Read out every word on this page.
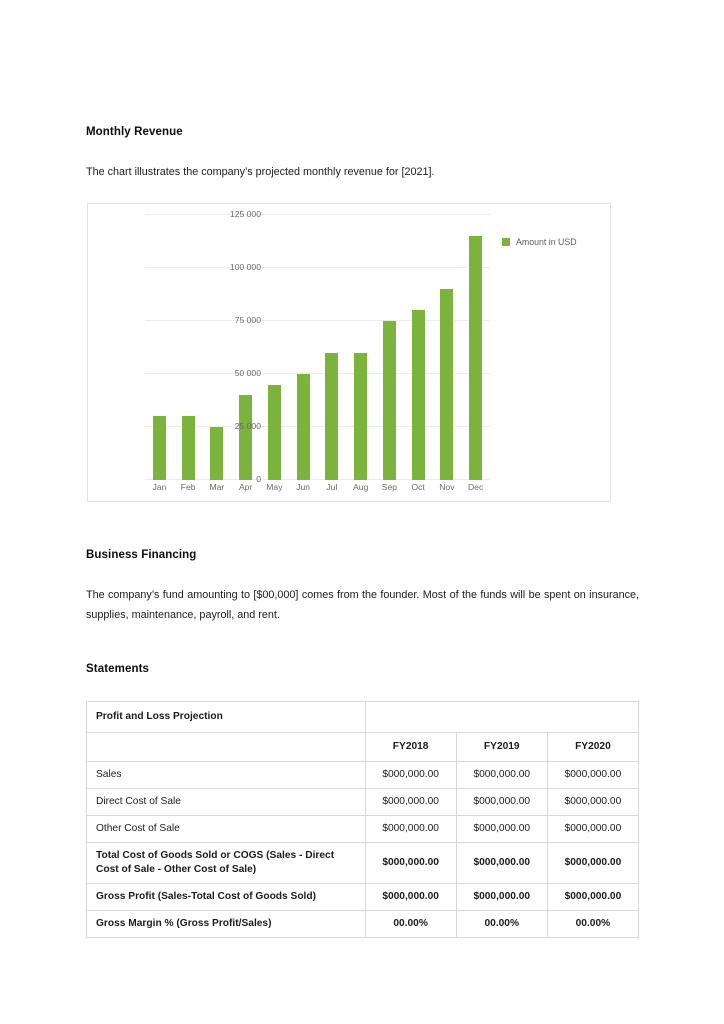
Monthly Revenue
The chart illustrates the company’s projected monthly revenue for [2021].
125 000
100 000
75 000
50 000
25 000
0
Jan	Feb	Mar	Apr	May	Jun	Jul	Aug	Sep	Oct	Nov	Dec
Amount in USD
Business Financing
The company’s fund amounting to [$00,000] comes from the founder. Most of the funds will be spent on insurance, supplies, maintenance, payroll, and rent.
Statements
Profit and Loss Projection			
	FY2018	FY2019	FY2020
Sales	$000,000.00	$000,000.00	$000,000.00
Direct Cost of Sale	$000,000.00	$000,000.00	$000,000.00
Other Cost of Sale	$000,000.00	$000,000.00	$000,000.00
Total Cost of Goods Sold or COGS (Sales - Direct Cost of Sale - Other Cost of Sale)	$000,000.00	$000,000.00	$000,000.00
Gross Profit (Sales-Total Cost of Goods Sold)	$000,000.00	$000,000.00	$000,000.00
Gross Margin % (Gross Profit/Sales)	00.00%	00.00%	00.00%
